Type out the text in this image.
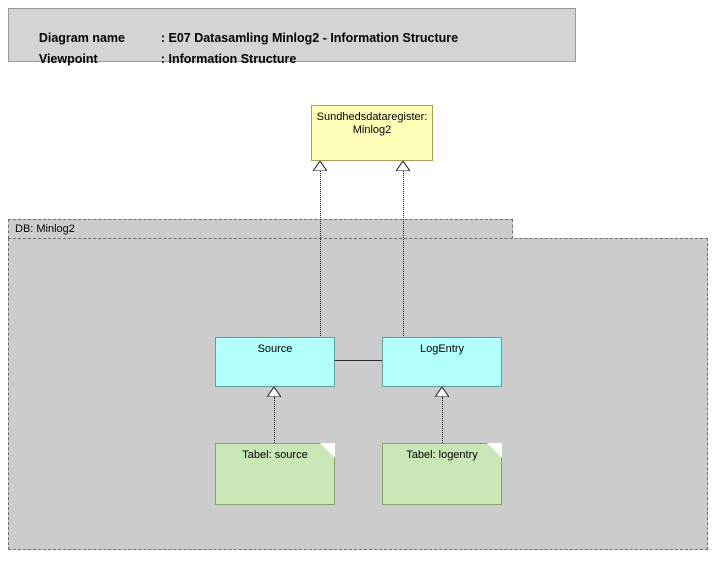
Diagram name	: E07 Datasamling Minlog2 - Information Structure

Viewpoint	: Information Structure

DB: Minlog2
Sundhedsdataregister: Minlog2
Source	LogEntry
Tabel: source	Tabel: logentry
